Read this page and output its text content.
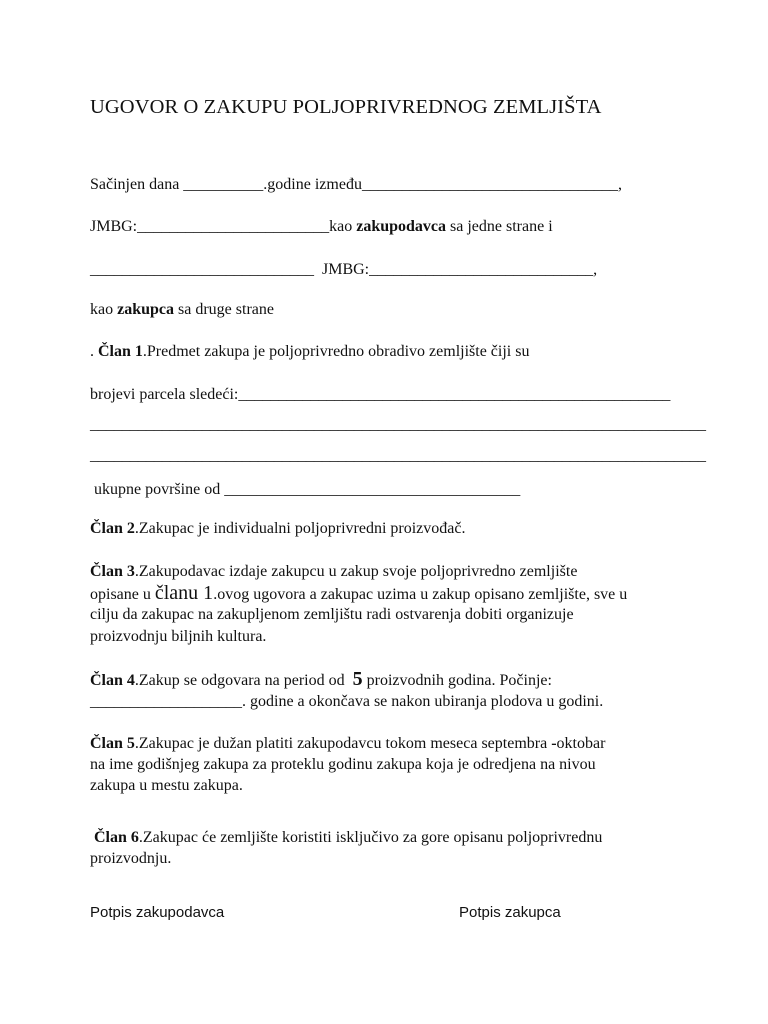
UGOVOR O ZAKUPU POLJOPRIVREDNOG ZEMLJIŠTA

Sačinjen dana __________.godine između________________________________,

JMBG:________________________kao zakupodavca sa jedne strane i

____________________________  JMBG:____________________________,

kao zakupca sa druge strane

. Član 1.Predmet zakupa je poljoprivredno obradivo zemljište čiji su

brojevi parcela sledeći:______________________________________________________

_____________________________________________________________________________

_____________________________________________________________________________

ukupne površine od _____________________________________

Član 2.Zakupac je individualni poljoprivredni proizvođač.

Član 3.Zakupodavac izdaje zakupcu u zakup svoje poljoprivredno zemljište

opisane u članu 1.ovog ugovora a zakupac uzima u zakup opisano zemljište, sve u

cilju da zakupac na zakupljenom zemljištu radi ostvarenja dobiti organizuje

proizvodnju biljnih kultura.

Član 4.Zakup se odgovara na period od  5 proizvodnih godina. Počinje:

___________________. godine a okončava se nakon ubiranja plodova u godini.

Član 5.Zakupac je dužan platiti zakupodavcu tokom meseca septembra -oktobar

na ime godišnjeg zakupa za proteklu godinu zakupa koja je odredjena na nivou

zakupa u mestu zakupa.

Član 6.Zakupac će zemljište koristiti isključivo za gore opisanu poljoprivrednu

proizvodnju.

Potpis zakupodavca	Potpis zakupca
